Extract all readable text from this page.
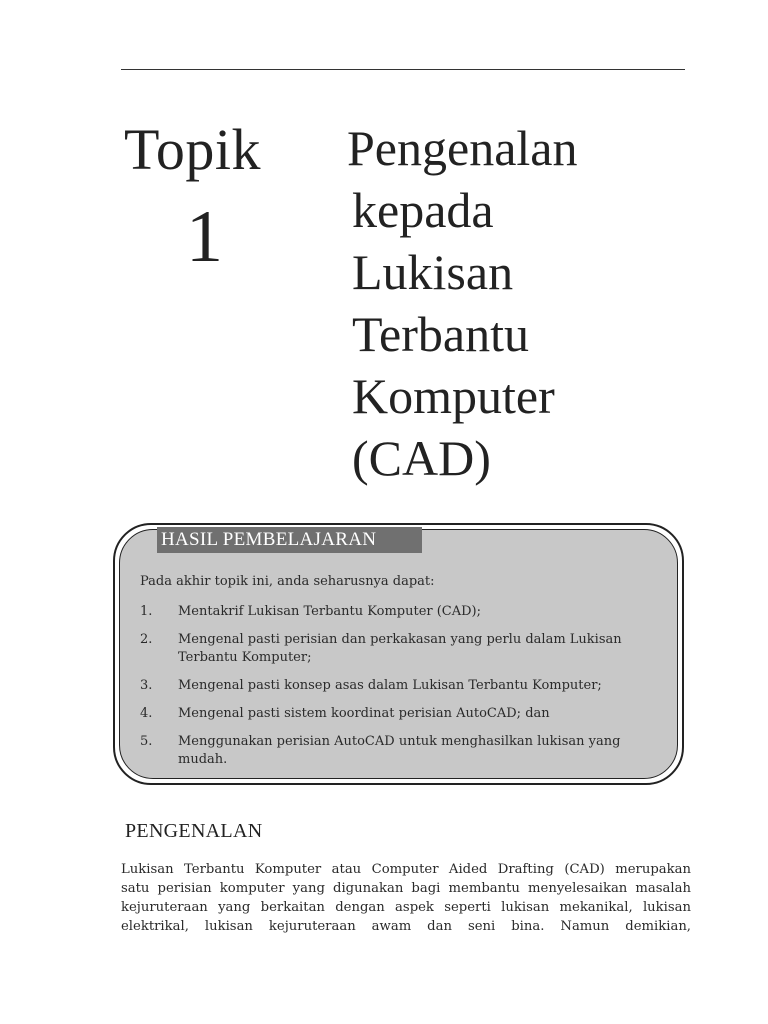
Topik
1
Pengenalan
kepada
Lukisan
Terbantu
Komputer
(CAD)
HASIL PEMBELAJARAN
Pada akhir topik ini, anda seharusnya dapat:
1.	Mentakrif Lukisan Terbantu Komputer (CAD);
2.	Mengenal pasti perisian dan perkakasan yang perlu dalam Lukisan Terbantu Komputer;
3.	Mengenal pasti konsep asas dalam Lukisan Terbantu Komputer;
4.	Mengenal pasti sistem koordinat perisian AutoCAD; dan
5.	Menggunakan perisian AutoCAD untuk menghasilkan lukisan yang mudah.
PENGENALAN
Lukisan Terbantu Komputer atau Computer Aided Drafting (CAD) merupakan
satu perisian komputer yang digunakan bagi membantu menyelesaikan masalah
kejuruteraan yang berkaitan dengan aspek seperti lukisan mekanikal, lukisan
elektrikal, lukisan kejuruteraan awam dan seni bina. Namun demikian,
